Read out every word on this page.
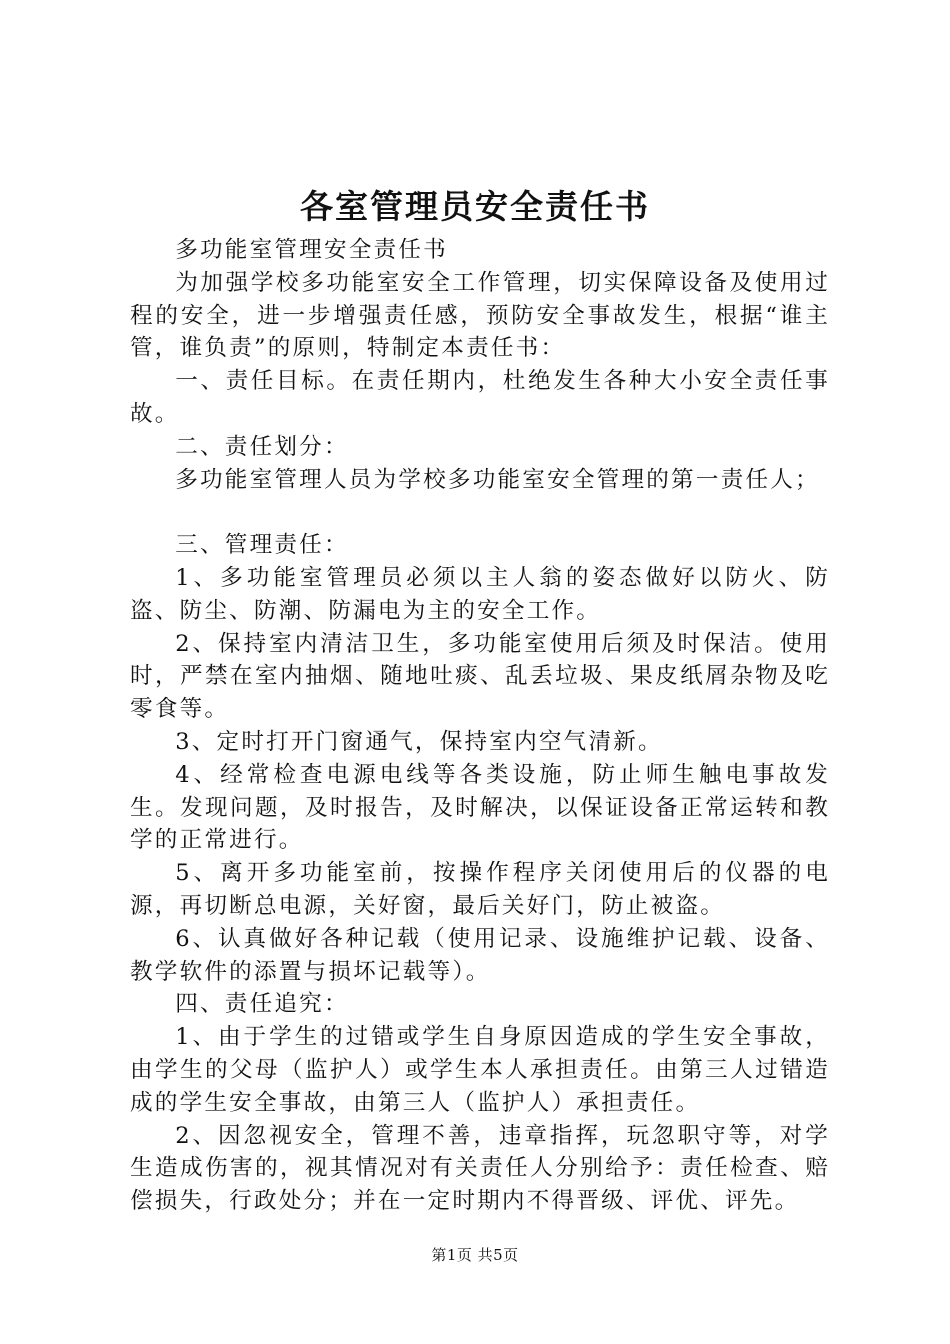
各室管理员安全责任书

多功能室管理安全责任书

为加强学校多功能室安全工作管理，切实保障设备及使用过程的安全，进一步增强责任感，预防安全事故发生，根据“谁主管，谁负责”的原则，特制定本责任书：

一、责任目标。在责任期内，杜绝发生各种大小安全责任事故。

二、责任划分：

多功能室管理人员为学校多功能室安全管理的第一责任人；

三、管理责任：

1、多功能室管理员必须以主人翁的姿态做好以防火、防盗、防尘、防潮、防漏电为主的安全工作。

2、保持室内清洁卫生，多功能室使用后须及时保洁。使用时，严禁在室内抽烟、随地吐痰、乱丢垃圾、果皮纸屑杂物及吃零食等。

3、定时打开门窗通气，保持室内空气清新。

4、经常检查电源电线等各类设施，防止师生触电事故发生。发现问题，及时报告，及时解决，以保证设备正常运转和教学的正常进行。

5、离开多功能室前，按操作程序关闭使用后的仪器的电源，再切断总电源，关好窗，最后关好门，防止被盗。

6、认真做好各种记载（使用记录、设施维护记载、设备、教学软件的添置与损坏记载等）。

四、责任追究：

1、由于学生的过错或学生自身原因造成的学生安全事故，由学生的父母（监护人）或学生本人承担责任。由第三人过错造成的学生安全事故，由第三人（监护人）承担责任。

2、因忽视安全，管理不善，违章指挥，玩忽职守等，对学生造成伤害的，视其情况对有关责任人分别给予：责任检查、赔偿损失，行政处分；并在一定时期内不得晋级、评优、评先。

第1页 共5页
